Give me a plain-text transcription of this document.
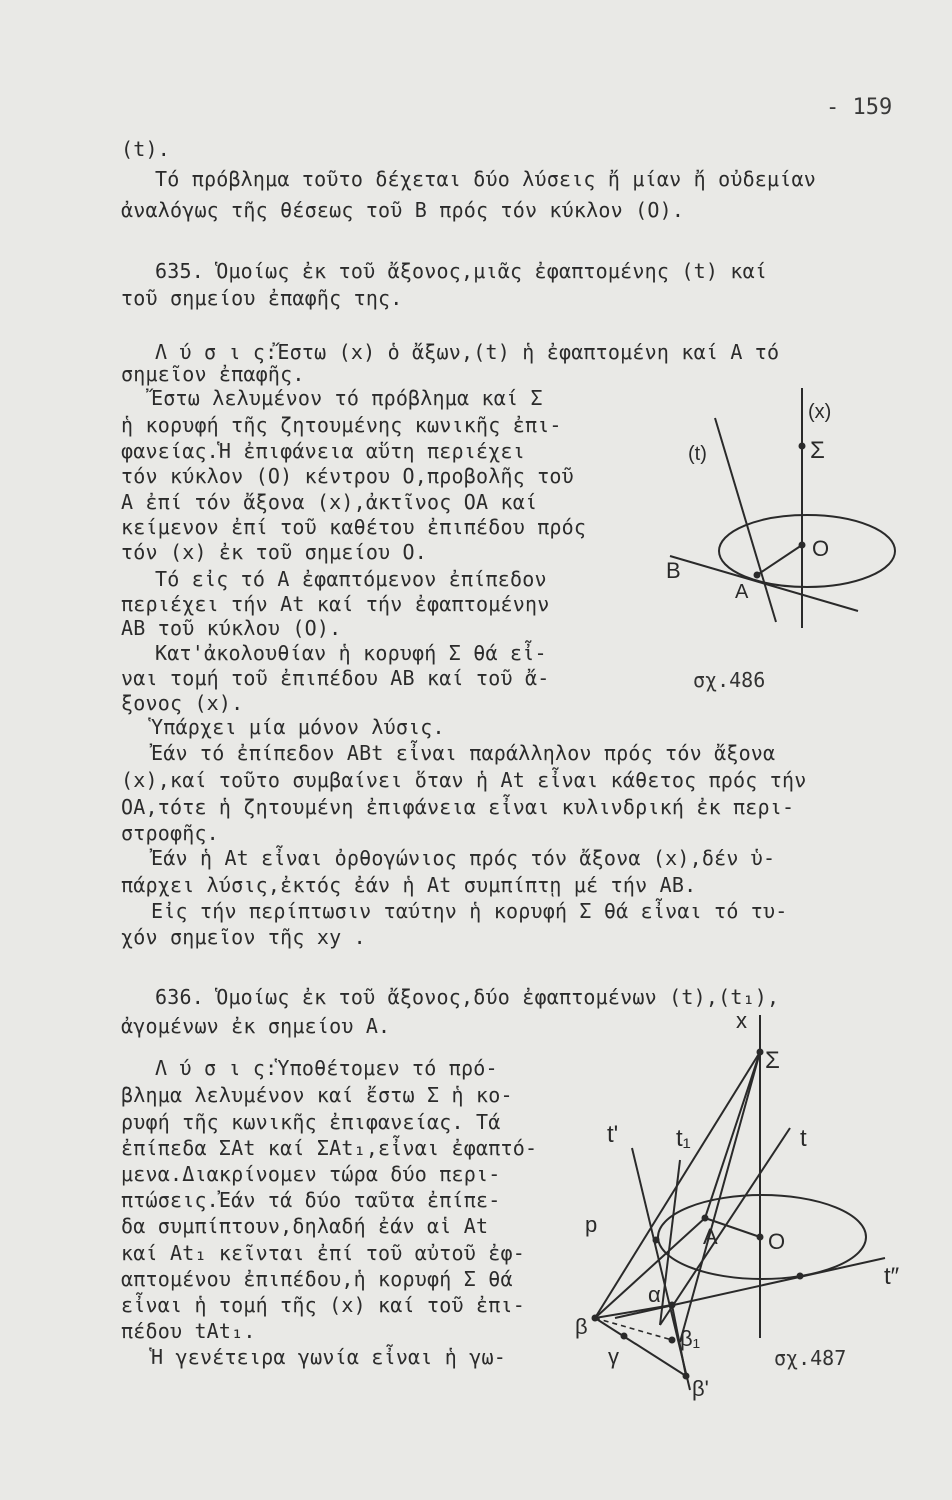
- 159
(t).
Τό πρόβλημα τοῦτο δέχεται δύο λύσεις ἤ μίαν ἤ οὐδεμίαν
ἀναλόγως τῆς θέσεως τοῦ Β πρός τόν κύκλον (Ο).
635. Ὁμοίως ἐκ τοῦ ἄξονος,μιᾶς ἐφαπτομένης (t) καί
τοῦ σημείου ἐπαφῆς της.
Λ ύ σ ι ς:Ἔστω (x) ὁ ἄξων,(t) ἡ ἐφαπτομένη καί Α τό
σημεῖον ἐπαφῆς.
Ἔστω λελυμένον τό πρόβλημα καί Σ
ἡ κορυφή τῆς ζητουμένης κωνικῆς ἐπι-
φανείας.Ἡ ἐπιφάνεια αὕτη περιέχει
τόν κύκλον (Ο) κέντρου Ο,προβολῆς τοῦ
Α ἐπί τόν ἄξονα (x),ἀκτῖνος ΟΑ καί
κείμενον ἐπί τοῦ καθέτου ἐπιπέδου πρός
τόν (x) ἐκ τοῦ σημείου Ο.
Τό εἰς τό Α ἐφαπτόμενον ἐπίπεδον
περιέχει τήν Αt καί τήν ἐφαπτομένην
ΑΒ τοῦ κύκλου (Ο).
Κατ'ἀκολουθίαν ἡ κορυφή Σ θά εἶ-
ναι τομή τοῦ ἐπιπέδου ΑΒ καί τοῦ ἄ-
ξονος (x).
Ὑπάρχει μία μόνον λύσις.
Ἐάν τό ἐπίπεδον ΑΒt εἶναι παράλληλον πρός τόν ἄξονα
(x),καί τοῦτο συμβαίνει ὅταν ἡ Αt εἶναι κάθετος πρός τήν
ΟΑ,τότε ἡ ζητουμένη ἐπιφάνεια εἶναι κυλινδρική ἐκ περι-
στροφῆς.
Ἐάν ἡ Αt εἶναι ὀρθογώνιος πρός τόν ἄξονα (x),δέν ὑ-
πάρχει λύσις,ἐκτός ἐάν ἡ Αt συμπίπτῃ μέ τήν ΑΒ.
Εἰς τήν περίπτωσιν ταύτην ἡ κορυφή Σ θά εἶναι τό τυ-
χόν σημεῖον τῆς xy .
636. Ὁμοίως ἐκ τοῦ ἄξονος,δύο ἐφαπτομένων (t),(t₁),
ἀγομένων ἐκ σημείου Α.
Λ ύ σ ι ς:Ὑποθέτομεν τό πρό-
βλημα λελυμένον καί ἔστω Σ ἡ κο-
ρυφή τῆς κωνικῆς ἐπιφανείας. Τά
ἐπίπεδα ΣΑt καί ΣΑt₁,εἶναι ἐφαπτό-
μενα.Διακρίνομεν τώρα δύο περι-
πτώσεις.Ἐάν τά δύο ταῦτα ἐπίπε-
δα συμπίπτουν,δηλαδή ἐάν αἱ Αt
καί Αt₁ κεῖνται ἐπί τοῦ αὐτοῦ ἐφ-
απτομένου ἐπιπέδου,ἡ κορυφή Σ θά
εἶναι ἡ τομή τῆς (x) καί τοῦ ἐπι-
πέδου tΑt₁.
Ἡ γενέτειρα γωνία εἶναι ἡ γω-
(x)
(t)	Σ
O
A
B
σχ.486
x
Σ
t' t₁	t
p	A O
t″
α
β	β₁
γ
β'
σχ.487
